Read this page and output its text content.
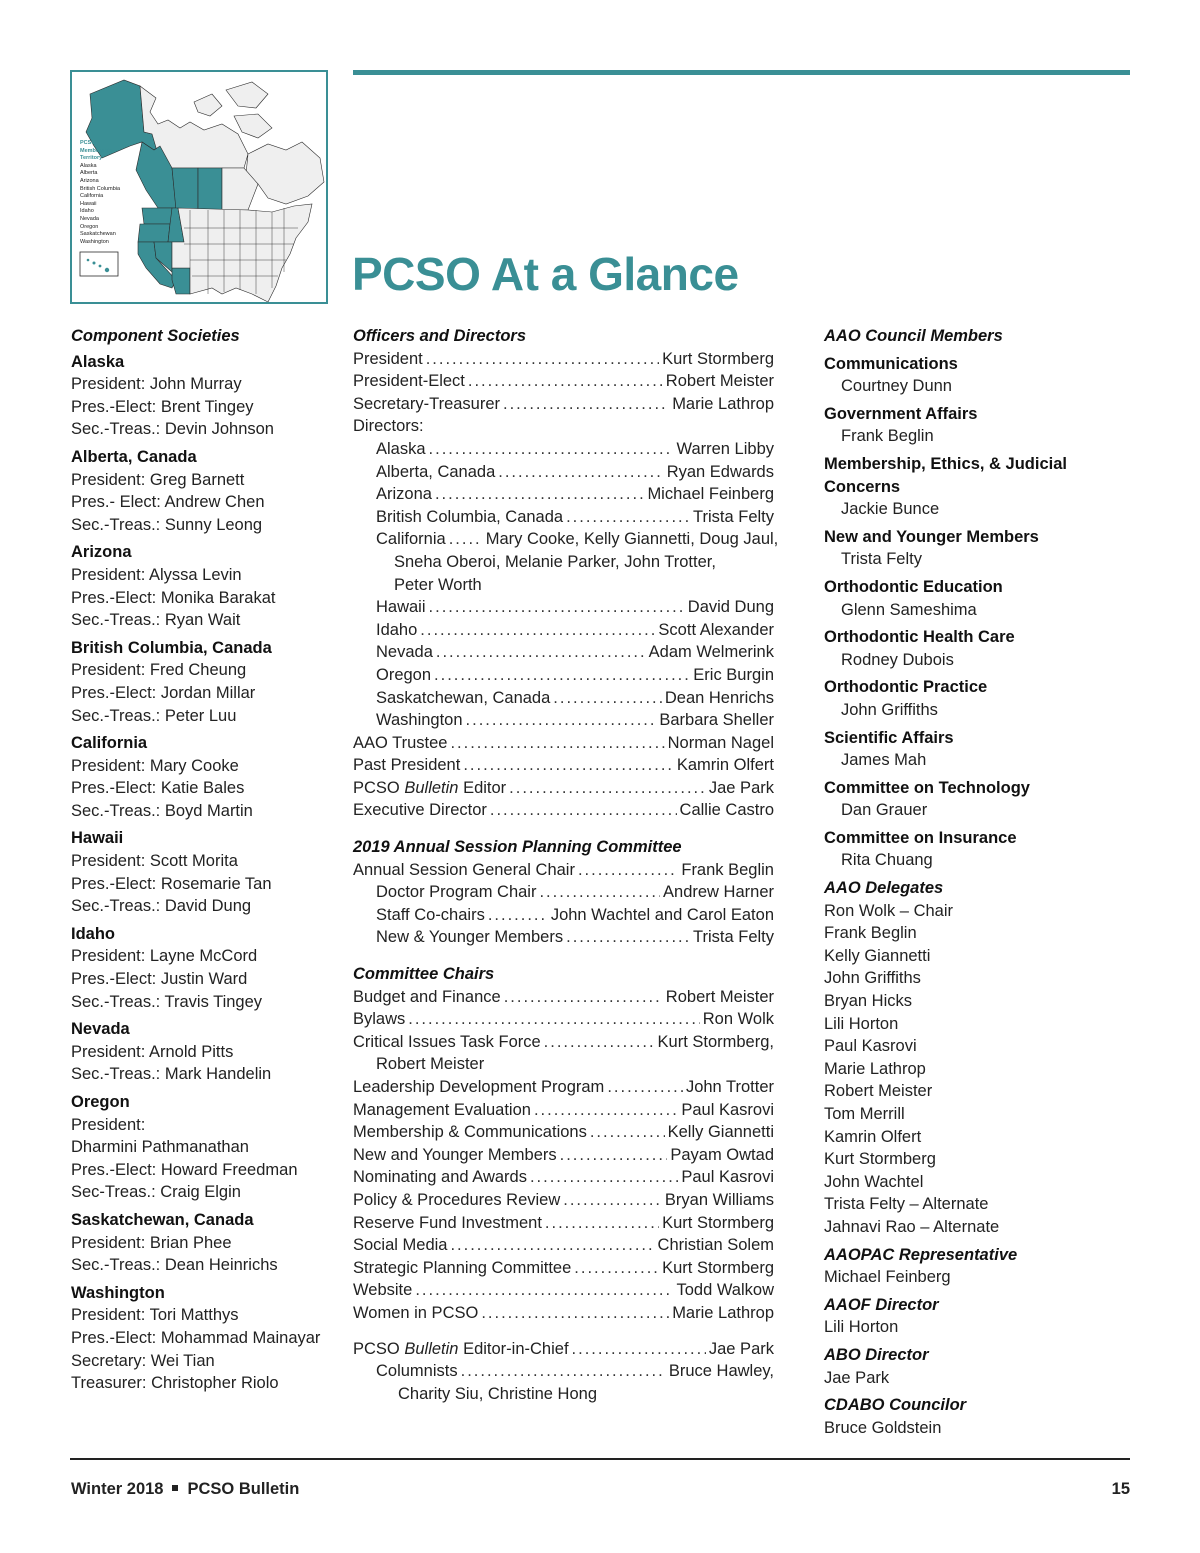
PCSO
Membership
Territory
Alaska
Alberta
Arizona
British Columbia
California
Hawaii
Idaho
Nevada
Oregon
Saskatchewan
Washington
PCSO At a Glance
Component Societies
Alaska
President: John Murray
Pres.-Elect: Brent Tingey
Sec.-Treas.: Devin Johnson
Alberta, Canada
President: Greg Barnett
Pres.- Elect: Andrew Chen
Sec.-Treas.: Sunny Leong
Arizona
President: Alyssa Levin
Pres.-Elect: Monika Barakat
Sec.-Treas.: Ryan Wait
British Columbia, Canada
President: Fred Cheung
Pres.-Elect: Jordan Millar
Sec.-Treas.: Peter Luu
California
President: Mary Cooke
Pres.-Elect: Katie Bales
Sec.-Treas.: Boyd Martin
Hawaii
President: Scott Morita
Pres.-Elect: Rosemarie Tan
Sec.-Treas.: David Dung
Idaho
President: Layne McCord
Pres.-Elect: Justin Ward
Sec.-Treas.: Travis Tingey
Nevada
President: Arnold Pitts
Sec.-Treas.: Mark Handelin
Oregon
President:
Dharmini Pathmanathan
Pres.-Elect: Howard Freedman
Sec-Treas.: Craig Elgin
Saskatchewan, Canada
President: Brian Phee
Sec.-Treas.: Dean Heinrichs
Washington
President: Tori Matthys
Pres.-Elect: Mohammad Mainayar
Secretary: Wei Tian
Treasurer: Christopher Riolo
Officers and Directors
President .....	Kurt Stormberg
President-Elect .....	Robert Meister
Secretary-Treasurer .....	Marie Lathrop
Directors:
Alaska .....	Warren Libby
Alberta, Canada .....	Ryan Edwards
Arizona .....	Michael Feinberg
British Columbia, Canada .....	Trista Felty
California ..... Mary Cooke, Kelly Giannetti, Doug Jaul,
Sneha Oberoi, Melanie Parker, John Trotter,
Peter Worth
Hawaii .....	David Dung
Idaho .....	Scott Alexander
Nevada .....	Adam Welmerink
Oregon .....	Eric Burgin
Saskatchewan, Canada .....	Dean Henrichs
Washington .....	Barbara Sheller
AAO Trustee .....	Norman Nagel
Past President .....	Kamrin Olfert
PCSO Bulletin Editor .....	Jae Park
Executive Director .....	Callie Castro
2019 Annual Session Planning Committee
Annual Session General Chair .....	Frank Beglin
Doctor Program Chair .....	Andrew Harner
Staff Co-chairs .....	John Wachtel and Carol Eaton
New & Younger Members .....	Trista Felty
Committee Chairs
Budget and Finance .....	Robert Meister
Bylaws .....	Ron Wolk
Critical Issues Task Force .....	Kurt Stormberg,
Robert Meister
Leadership Development Program .....	John Trotter
Management Evaluation .....	Paul Kasrovi
Membership & Communications .....	Kelly Giannetti
New and Younger Members .....	Payam Owtad
Nominating and Awards .....	Paul Kasrovi
Policy & Procedures Review .....	Bryan Williams
Reserve Fund Investment .....	Kurt Stormberg
Social Media .....	Christian Solem
Strategic Planning Committee .....	Kurt Stormberg
Website .....	Todd Walkow
Women in PCSO .....	Marie Lathrop
PCSO Bulletin Editor-in-Chief .....	Jae Park
Columnists .....	Bruce Hawley,
Charity Siu, Christine Hong
AAO Council Members
Communications
Courtney Dunn
Government Affairs
Frank Beglin
Membership, Ethics, & Judicial Concerns
Jackie Bunce
New and Younger Members
Trista Felty
Orthodontic Education
Glenn Sameshima
Orthodontic Health Care
Rodney Dubois
Orthodontic Practice
John Griffiths
Scientific Affairs
James Mah
Committee on Technology
Dan Grauer
Committee on Insurance
Rita Chuang
AAO Delegates
Ron Wolk – Chair
Frank Beglin
Kelly Giannetti
John Griffiths
Bryan Hicks
Lili Horton
Paul Kasrovi
Marie Lathrop
Robert Meister
Tom Merrill
Kamrin Olfert
Kurt Stormberg
John Wachtel
Trista Felty – Alternate
Jahnavi Rao – Alternate
AAOPAC Representative
Michael Feinberg
AAOF Director
Lili Horton
ABO Director
Jae Park
CDABO Councilor
Bruce Goldstein
Winter 2018 PCSO Bulletin	15
